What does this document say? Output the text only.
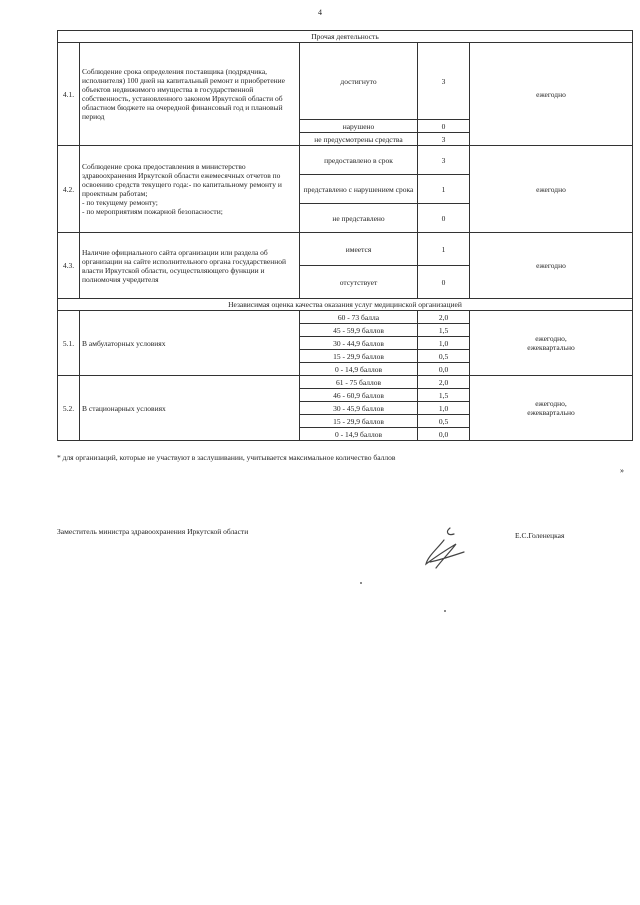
4
Прочая деятельность				
4.1.	Соблюдение срока определения поставщика (подрядчика, исполнителя) 100 дней на капитальный ремонт и приобретение объектов недвижимого имущества в государственной собственность, установленного законом Иркутской области об областном бюджете на очередной финансовый год и плановый период	достигнуто	3	ежегодно
		нарушено	0	
		не предусмотрены средства	3	
4.2.	Соблюдение срока предоставления в министерство здравоохранения Иркутской области ежемесячных отчетов по освоению средств текущего года:- по капитальному ремонту и проектным работам;
- по текущему ремонту;
- по мероприятиям пожарной безопасности;	предоставлено в срок	3	ежегодно
		представлено с нарушением срока	1	
		не представлено	0	
4.3.	Наличие официального сайта организации или раздела об организации на сайте исполнительного органа государственной власти Иркутской области, осуществляющего функции и полномочия учредителя	имеется	1	ежегодно
		отсутствует	0	
Независимая оценка качества оказания услуг медицинской организацией				
5.1.	В амбулаторных условиях	60 - 73 балла	2,0	ежегодно,
ежеквартально
		45 - 59,9 баллов	1,5	
		30 - 44,9 баллов	1,0	
		15 - 29,9 баллов	0,5	
		0 - 14,9 баллов	0,0	
5.2.	В стационарных условиях	61 - 75 баллов	2,0	ежегодно,
ежеквартально
		46 - 60,9 баллов	1,5	
		30 - 45,9 баллов	1,0	
		15 - 29,9 баллов	0,5	
		0 - 14,9 баллов	0,0	
* для организаций, которые не участвуют в заслушивании, учитывается максимальное количество баллов
»
Заместитель министра здравоохранения Иркутской области	Е.С.Голенецкая
